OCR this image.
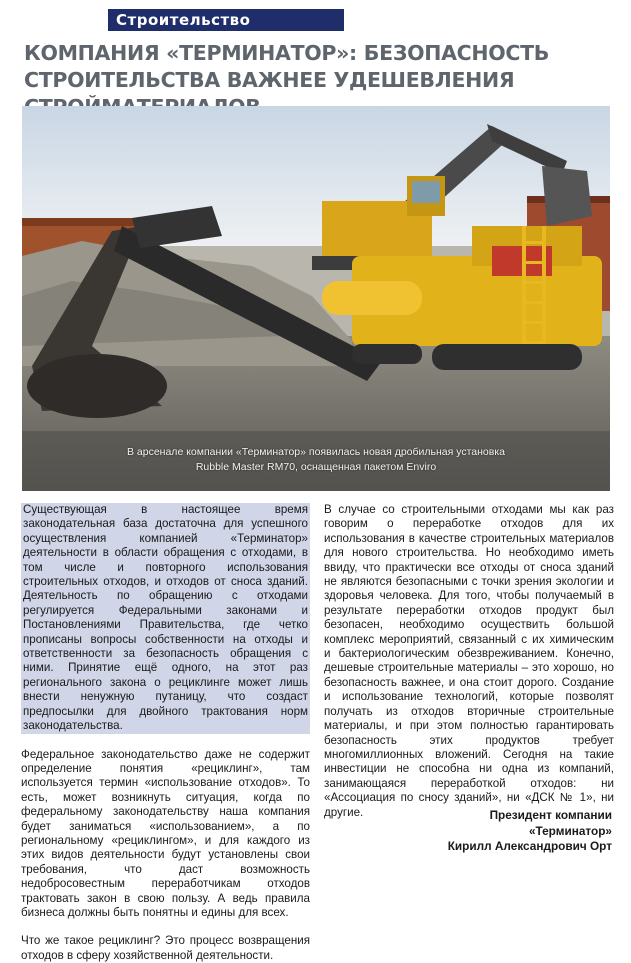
Строительство
КОМПАНИЯ «ТЕРМИНАТОР»: БЕЗОПАСНОСТЬ СТРОИТЕЛЬСТВА ВАЖНЕЕ УДЕШЕВЛЕНИЯ
В арсенале компании «Терминатор» появилась новая дробильная установка
Rubble Master RM70, оснащенная пакетом Enviro

Существующая в настоящее время законодательная база достаточна для успешного осуществления компанией «Терминатор» деятельности в области обращения с отходами, в том числе и повторного использования строительных отходов, и отходов от сноса зданий. Деятельность по обращению с отходами регулируется Федеральными законами и Постановлениями Правительства, где четко прописаны вопросы собственности на отходы и ответственности за безопасность обращения с ними. Принятие ещё одного, на этот раз регионального закона о рециклинге может лишь внести ненужную путаницу, что создаст предпосылки для двойного трактования норм законодательства.

Федеральное законодательство даже не содержит определение понятия «рециклинг», там используется термин «использование отходов». То есть, может возникнуть ситуация, когда по федеральному законодательству наша компания будет заниматься «использованием», а по региональному «рециклингом», и для каждого из этих видов деятельности будут установлены свои требования, что даст возможность недобросовестным переработчикам отходов трактовать закон в свою пользу. А ведь правила бизнеса должны быть понятны и едины для всех.

Что же такое рециклинг? Это процесс возвращения отходов в сферу хозяйственной деятельности.

В случае со строительными отходами мы как раз говорим о переработке отходов для их использования в качестве строительных материалов для нового строительства. Но необходимо иметь ввиду, что практически все отходы от сноса зданий не являются безопасными с точки зрения экологии и здоровья человека. Для того, чтобы получаемый в результате переработки отходов продукт был безопасен, необходимо осуществить большой комплекс мероприятий, связанный с их химическим и бактериологическим обезвреживанием. Конечно, дешевые строительные материалы – это хорошо, но безопасность важнее, и она стоит дорого. Создание и использование технологий, которые позволят получать из отходов вторичные строительные материалы, и при этом полностью гарантировать безопасность этих продуктов требует многомиллионных вложений. Сегодня на такие инвестиции не способна ни одна из компаний, занимающаяся переработкой отходов: ни «Ассоциация по сносу зданий», ни «ДСК № 1», ни другие.	Президент компании
«Терминатор»
Кирилл Александрович Орт
